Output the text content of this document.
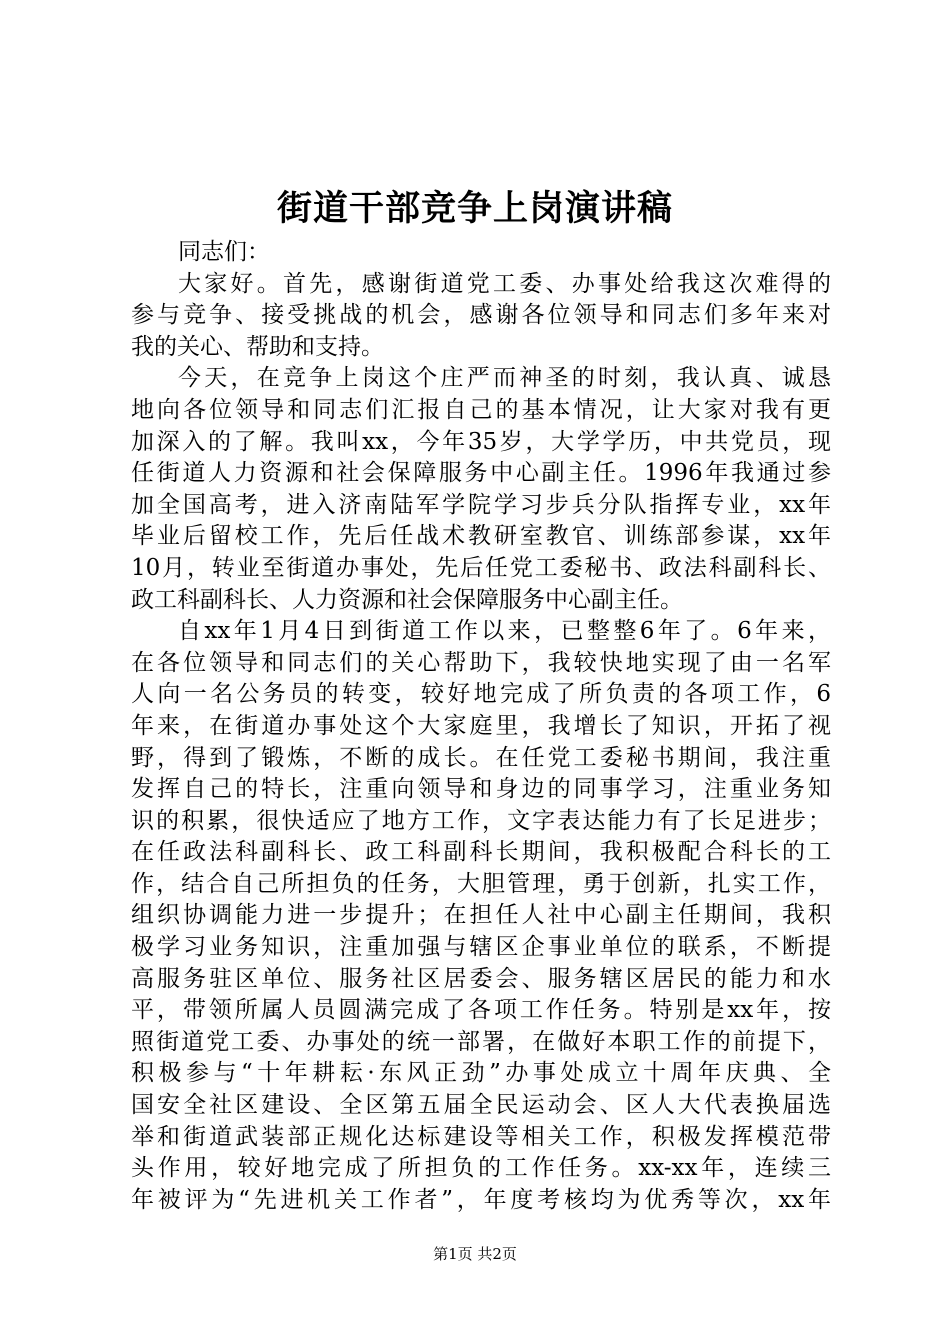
街道干部竞争上岗演讲稿
同志们：
大家好。首先，感谢街道党工委、办事处给我这次难得的
参与竞争、接受挑战的机会，感谢各位领导和同志们多年来对
我的关心、帮助和支持。
今天，在竞争上岗这个庄严而神圣的时刻，我认真、诚恳
地向各位领导和同志们汇报自己的基本情况，让大家对我有更
加深入的了解。我叫xx，今年35岁，大学学历，中共党员，现
任街道人力资源和社会保障服务中心副主任。1996年我通过参
加全国高考，进入济南陆军学院学习步兵分队指挥专业，xx年
毕业后留校工作，先后任战术教研室教官、训练部参谋，xx年
10月，转业至街道办事处，先后任党工委秘书、政法科副科长、
政工科副科长、人力资源和社会保障服务中心副主任。
自xx年1月4日到街道工作以来，已整整6年了。6年来，
在各位领导和同志们的关心帮助下，我较快地实现了由一名军
人向一名公务员的转变，较好地完成了所负责的各项工作，6
年来，在街道办事处这个大家庭里，我增长了知识，开拓了视
野，得到了锻炼，不断的成长。在任党工委秘书期间，我注重
发挥自己的特长，注重向领导和身边的同事学习，注重业务知
识的积累，很快适应了地方工作，文字表达能力有了长足进步；
在任政法科副科长、政工科副科长期间，我积极配合科长的工
作，结合自己所担负的任务，大胆管理，勇于创新，扎实工作，
组织协调能力进一步提升；在担任人社中心副主任期间，我积
极学习业务知识，注重加强与辖区企事业单位的联系，不断提
高服务驻区单位、服务社区居委会、服务辖区居民的能力和水
平，带领所属人员圆满完成了各项工作任务。特别是xx年，按
照街道党工委、办事处的统一部署，在做好本职工作的前提下，
积极参与“十年耕耘·东风正劲”办事处成立十周年庆典、全
国安全社区建设、全区第五届全民运动会、区人大代表换届选
举和街道武装部正规化达标建设等相关工作，积极发挥模范带
头作用，较好地完成了所担负的工作任务。xx-xx年，连续三
年被评为“先进机关工作者”，年度考核均为优秀等次，xx年
第1页 共2页
